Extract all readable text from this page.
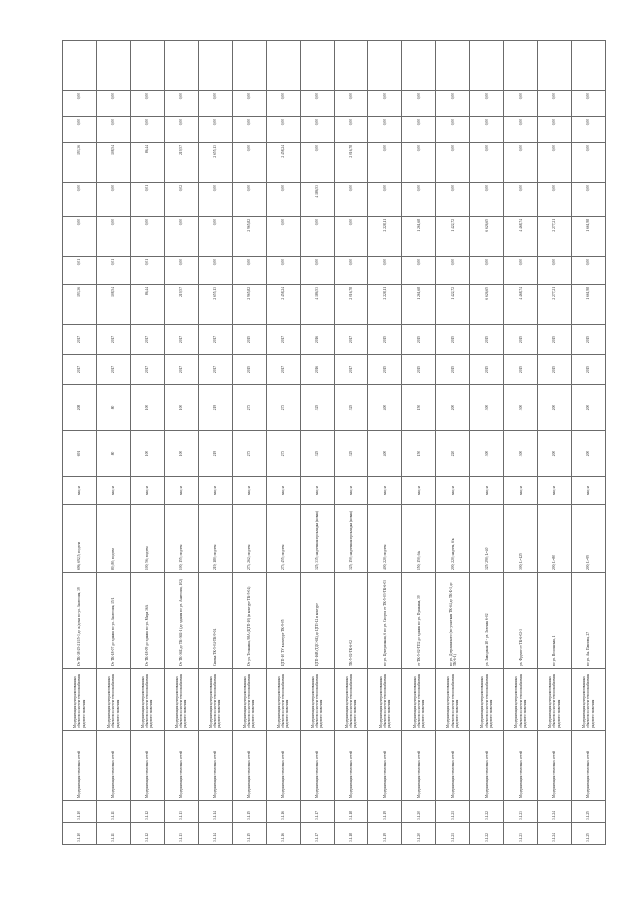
3.1.10	3.1.10	Модернизация тепловых сетей	Модернизация централизованных объектов и систем теплоснабжения рядового значения	От ТК-38-25-21/15-3 до ж/дома по ул. Анатолия, 39	696; 692,5; подзем	мм; м	691	208	2017	2017	193,36	0,01	0,00	0,00	193,36	0,00	0,00	
3.1.11	3.1.11	Модернизация тепловых сетей	Модернизация централизованных объектов и систем теплоснабжения рядового значения	От ТК-18-07 до здания по ул. Анатолия, 15/1	80; 80; подзем	мм; м	80	80	2017	2017	108,54	0,01	0,00	0,00	108,54	0,00	0,00	
3.1.12	3.1.12	Модернизация тепловых сетей	Модернизация централизованных объектов и систем теплоснабжения рядового значения	От ТК-18-09 до здания по ул. Мира 36А	100; 56; подзем	мм; м	100	100	2017	2017	86,44	0,01	0,00	0,01	86,44	0,00	0,00	
3.1.13	3.1.13	Модернизация тепловых сетей	Модернизация централизованных объектов и систем теплоснабжения рядового значения	От ТК-36Б до ТК-36Б-1 (до здания по ул. Анатолия, 102)	100; 155; подзем	мм; м	100	100	2017	2017	219,57	0,00	0,00	0,02	219,57	0,00	0,00	
3.1.14	3.1.14	Модернизация тепловых сетей	Модернизация централизованных объектов и систем теплоснабжения рядового значения	Связка ТК-5-04-ТК-9-04	219; 180; подзем	мм; м	219	219	2017	2017	2 655,13	0,00	0,00	0,00	2 655,13	0,00	0,00	
3.1.15	3.1.15	Модернизация тепловых сетей	Модернизация централизованных объектов и систем теплоснабжения рядового значения	От ул. Тельмана, 98А (ЦТП-10) (в контуре ТК-5-04)	273; 262; подзем	мм; м	273	273	2015	2015	2 965,82	0,00	2 965,82	0,00	0,00	0,00	0,00	
3.1.16	3.1.16	Модернизация тепловых сетей	Модернизация централизованных объектов и систем теплоснабжения рядового значения	ЦТП-10 ТУ в контуре ТК-9-05	273; 455; подзем	мм; м	273	273	2017	2017	2 458,24	0,00	0,00	0,00	2 458,24	0,00	0,00	
3.1.17	3.1.17	Модернизация тепловых сетей	Модернизация централизованных объектов и систем теплоснабжения рядового значения	ЦТП-16В (ТДС-6Б) до ЦТП-12 в контуре	325; 335; надземная прокладка (новая)	мм; м	325	325	2016	2016	4 186,53	0,00	0,00	4 186,53	0,00	0,00	0,00	
3.1.18	3.1.18	Модернизация тепловых сетей	Модернизация централизованных объектов и систем теплоснабжения рядового значения	ТК-5-02-ТК-6-02	325; 150; надземная прокладка (новая)	мм; м	325	325	2017	2017	2 016,78	0,00	0,00	0,00	2 016,78	0,00	0,00	
3.1.19	3.1.19	Модернизация тепловых сетей	Модернизация централизованных объектов и систем теплоснабжения рядового значения	по ул. Центральная, 6 по ул. Спорта от ТК-5-03-ТК-6-03	400; 220; подзем	мм; м	400	400	2015	2015	2 228,11	0,00	2 228,11	0,00	0,00	0,00	0,00	
3.1.20	3.1.20	Модернизация тепловых сетей	Модернизация централизованных объектов и систем теплоснабжения рядового значения	от ТК-5-02-ТП2 до здания по ул. Пушкина, 39	150; 150; б/к	мм; м	150	150	2015	2015	1 261,68	0,00	1 261,68	0,00	0,00	0,00	0,00	
3.1.21	3.1.21	Модернизация тепловых сетей	Модернизация централизованных объектов и систем теплоснабжения рядового значения	по ул. Дзержинского (по участкам ТК-б4 до ТК-Б-1 до ТК-6-1)	200; 220; надзем, б/к	мм; м	220	200	2015	2015	1 422,72	0,00	1 422,72	0,00	0,00	0,00	0,00	
3.1.22	3.1.22	Модернизация тепловых сетей	Модернизация централизованных объектов и систем теплоснабжения рядового значения	ул. Заводская 18 - ул. Зеленая 6-02	325/ 290; L=40	мм; м	300	300	2015	2015	6 626,65	0,00	6 626,65	0,00	0,00	0,00	0,00	
3.1.23	3.1.23	Модернизация тепловых сетей	Модернизация централизованных объектов и систем теплоснабжения рядового значения	ул. Фрунзе от ТК-6-02-3	300; L=125	мм; м	300	300	2015	2015	4 468,74	0,00	4 468,74	0,00	0,00	0,00	0,00	
3.1.24	3.1.24	Модернизация тепловых сетей	Модернизация централизованных объектов и систем теплоснабжения рядового значения	по ул. Волошская, 1	200; L=80	мм; м	200	200	2015	2015	2 277,21	0,00	2 277,21	0,00	0,00	0,00	0,00	
3.1.25	3.1.25	Модернизация тепловых сетей	Модернизация централизованных объектов и систем теплоснабжения рядового значения	по ул. Ак. Павлова, 27	200; L=95	мм; м	200	200	2015	2015	1 661,98	0,00	1 661,98	0,00	0,00	0,00	0,00	
